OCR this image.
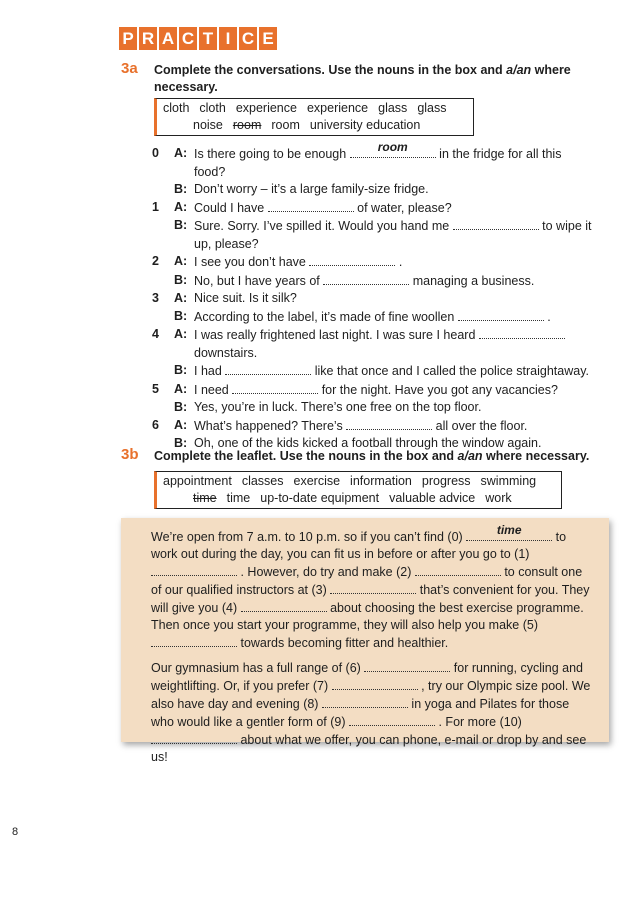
P R A C T I C E
3a Complete the conversations. Use the nouns in the box and a/an where necessary.
cloth cloth experience experience glass glass
noise room room university education
0	A: Is there going to be enough	room	in the fridge for all this food?
B: Don’t worry – it’s a large family-size fridge.
1	A: Could I have	of water, please?
B: Sure. Sorry. I’ve spilled it. Would you hand me	to wipe it up, please?
2	A: I see you don’t have	.
B: No, but I have years of	managing a business.
3	A: Nice suit. Is it silk?
B: According to the label, it’s made of fine woollen	.
4	A: I was really frightened last night. I was sure I heard  downstairs.
B: I had	like that once and I called the police straightaway.
5	A: I need	for the night. Have you got any vacancies?
B: Yes, you’re in luck. There’s one free on the top floor.
6	A: What’s happened? There’s	all over the floor.
B: Oh, one of the kids kicked a football through the window again.
3b Complete the leaflet. Use the nouns in the box and a/an where necessary.
appointment classes exercise information progress swimming
time time up-to-date equipment valuable advice work

We’re open from 7 a.m. to 10 p.m. so if you can’t find (0)	time	to work out during the day, you can fit us in before or after you go to (1)  . However, do try and make (2)	to consult one of our qualified instructors at (3)	that’s convenient for you. They will give you (4)	about choosing the best exercise programme. Then once you start your programme, they will also help you make (5)  towards becoming fitter and healthier.

Our gymnasium has a full range of (6)	for running, cycling and weightlifting. Or, if you prefer (7)	, try our Olympic size pool. We also have day and evening (8)	in yoga and Pilates for those who would like a gentler form of (9)	. For more (10)  about what we offer, you can phone, e-mail or drop by and see us!

8
